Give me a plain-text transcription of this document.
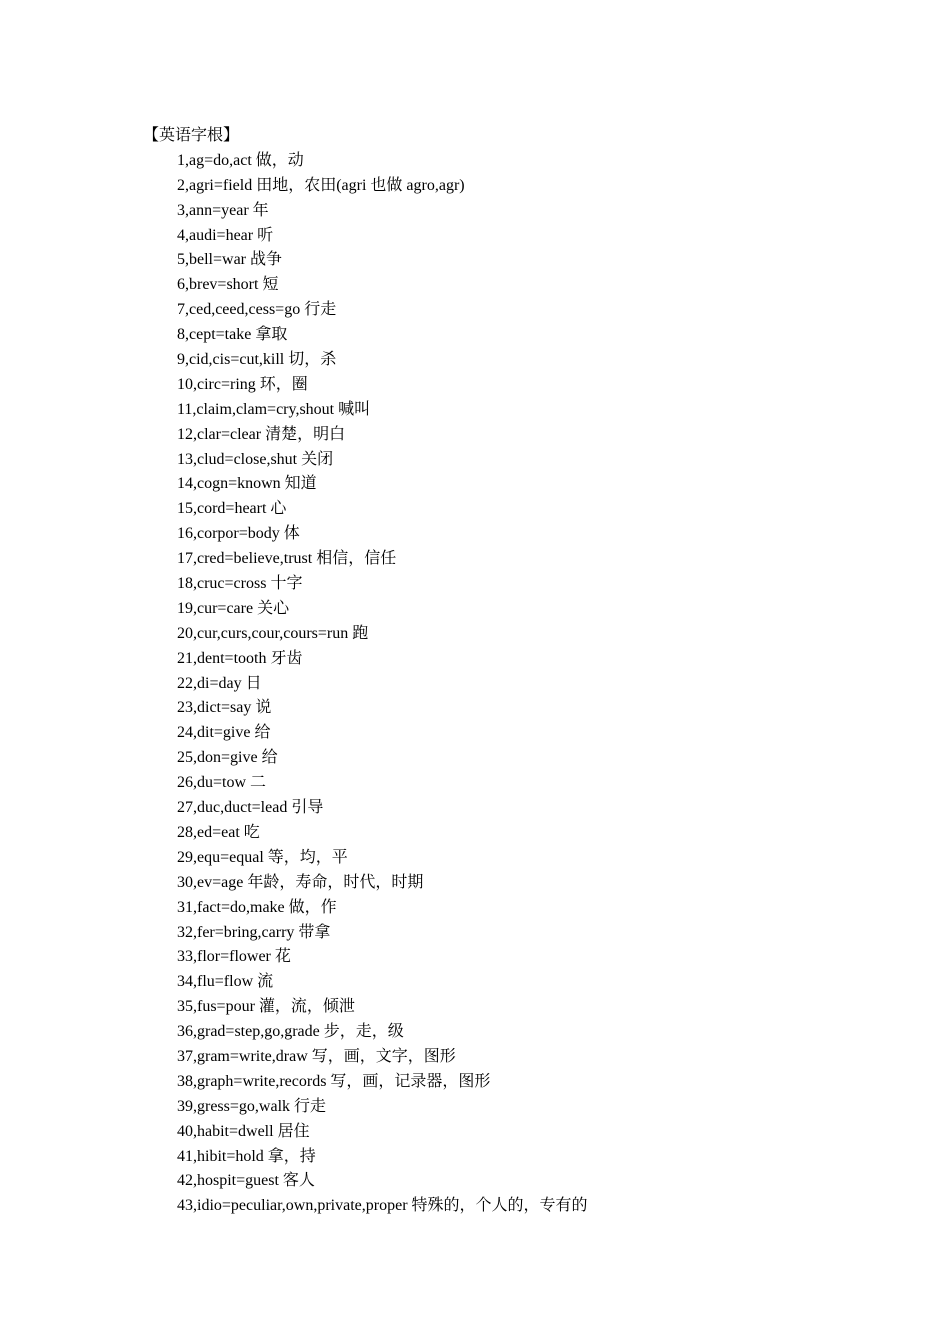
【英语字根】
1,ag=do,act 做，动
2,agri=field 田地，农田(agri 也做 agro,agr)
3,ann=year 年
4,audi=hear 听
5,bell=war 战争
6,brev=short 短
7,ced,ceed,cess=go 行走
8,cept=take 拿取
9,cid,cis=cut,kill 切，杀
10,circ=ring 环，圈
11,claim,clam=cry,shout 喊叫
12,clar=clear 清楚，明白
13,clud=close,shut 关闭
14,cogn=known 知道
15,cord=heart 心
16,corpor=body 体
17,cred=believe,trust 相信，信任
18,cruc=cross 十字
19,cur=care 关心
20,cur,curs,cour,cours=run 跑
21,dent=tooth 牙齿
22,di=day 日
23,dict=say 说
24,dit=give 给
25,don=give 给
26,du=tow 二
27,duc,duct=lead 引导
28,ed=eat 吃
29,equ=equal 等，均，平
30,ev=age 年龄，寿命，时代，时期
31,fact=do,make 做，作
32,fer=bring,carry 带拿
33,flor=flower 花
34,flu=flow 流
35,fus=pour 灌，流，倾泄
36,grad=step,go,grade 步，走，级
37,gram=write,draw 写，画，文字，图形
38,graph=write,records 写，画，记录器，图形
39,gress=go,walk 行走
40,habit=dwell 居住
41,hibit=hold 拿，持
42,hospit=guest 客人
43,idio=peculiar,own,private,proper 特殊的，个人的，专有的
